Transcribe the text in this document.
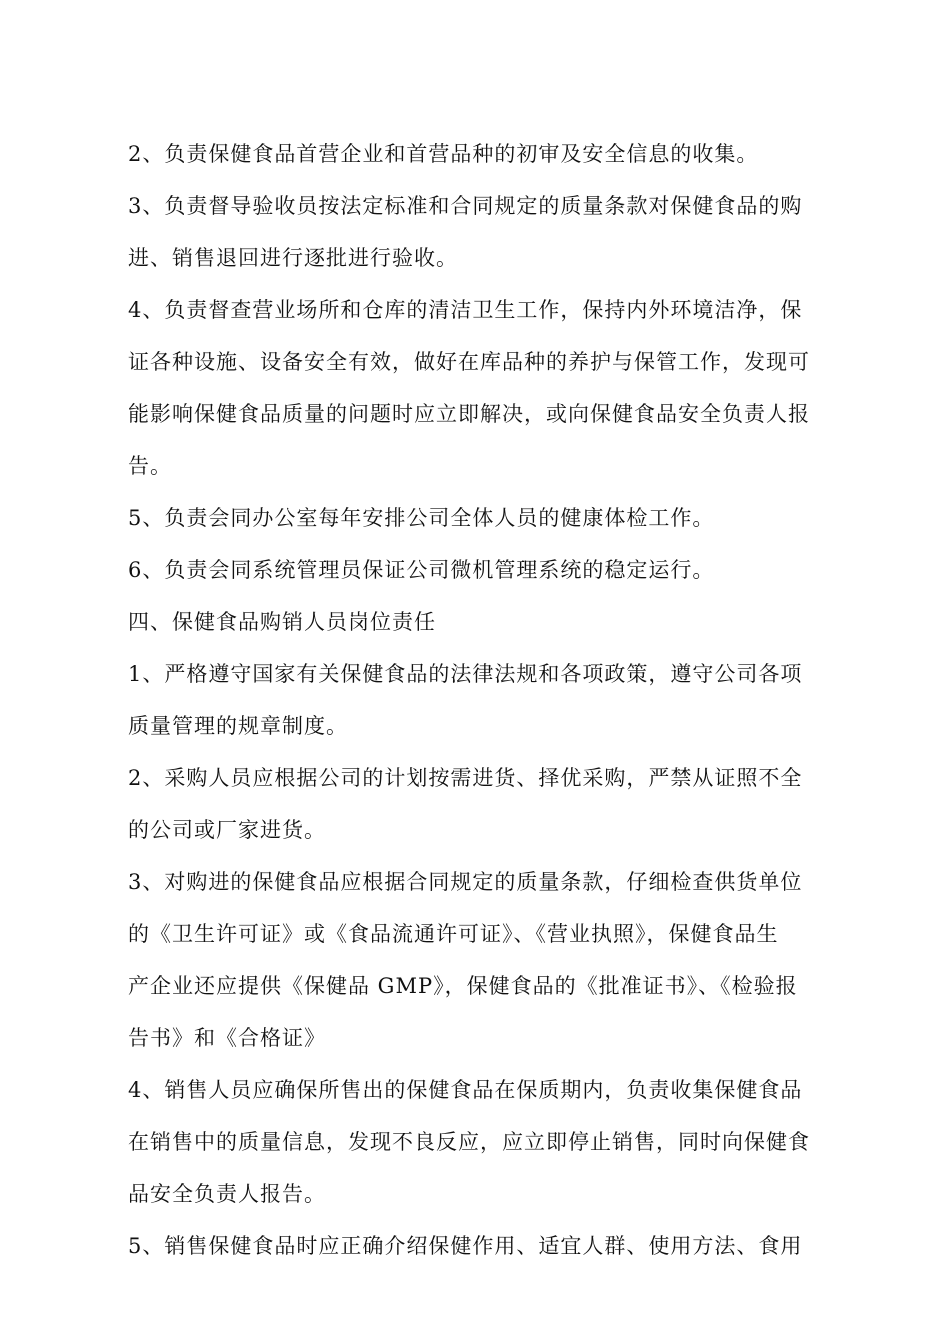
2、负责保健食品首营企业和首营品种的初审及安全信息的收集。

3、负责督导验收员按法定标准和合同规定的质量条款对保健食品的购

进、销售退回进行逐批进行验收。

4、负责督查营业场所和仓库的清洁卫生工作，保持内外环境洁净，保

证各种设施、设备安全有效，做好在库品种的养护与保管工作，发现可

能影响保健食品质量的问题时应立即解决，或向保健食品安全负责人报

告。

5、负责会同办公室每年安排公司全体人员的健康体检工作。

6、负责会同系统管理员保证公司微机管理系统的稳定运行。

四、保健食品购销人员岗位责任

1、严格遵守国家有关保健食品的法律法规和各项政策，遵守公司各项

质量管理的规章制度。

2、采购人员应根据公司的计划按需进货、择优采购，严禁从证照不全

的公司或厂家进货。

3、对购进的保健食品应根据合同规定的质量条款，仔细检查供货单位

的《卫生许可证》或《食品流通许可证》、《营业执照》，保健食品生

产企业还应提供《保健品 GMP》，保健食品的《批准证书》、《检验报

告书》和《合格证》

4、销售人员应确保所售出的保健食品在保质期内，负责收集保健食品

在销售中的质量信息，发现不良反应，应立即停止销售，同时向保健食

品安全负责人报告。

5、销售保健食品时应正确介绍保健作用、适宜人群、使用方法、食用
